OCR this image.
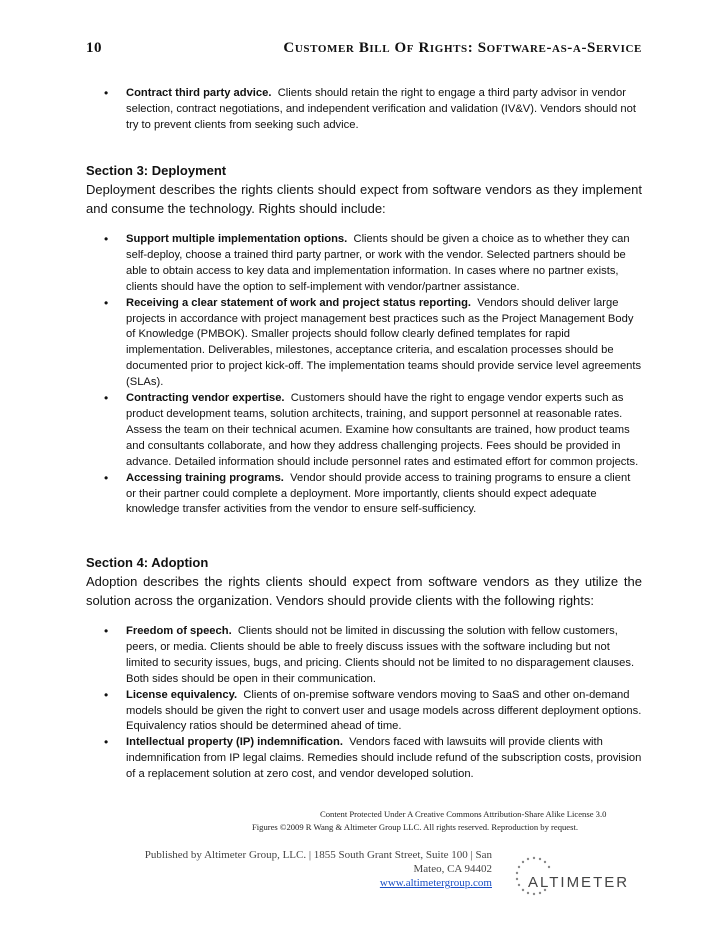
10	Customer Bill Of Rights: Software-as-a-Service
• Contract third party advice. Clients should retain the right to engage a third party advisor in vendor selection, contract negotiations, and independent verification and validation (IV&V). Vendors should not try to prevent clients from seeking such advice.
Section 3: Deployment
Deployment describes the rights clients should expect from software vendors as they implement and consume the technology. Rights should include:
• Support multiple implementation options. Clients should be given a choice as to whether they can self-deploy, choose a trained third party partner, or work with the vendor. Selected partners should be able to obtain access to key data and implementation information. In cases where no partner exists, clients should have the option to self-implement with vendor/partner assistance.
• Receiving a clear statement of work and project status reporting. Vendors should deliver large projects in accordance with project management best practices such as the Project Management Body of Knowledge (PMBOK). Smaller projects should follow clearly defined templates for rapid implementation. Deliverables, milestones, acceptance criteria, and escalation processes should be documented prior to project kick-off. The implementation teams should provide service level agreements (SLAs).
• Contracting vendor expertise. Customers should have the right to engage vendor experts such as product development teams, solution architects, training, and support personnel at reasonable rates. Assess the team on their technical acumen. Examine how consultants are trained, how product teams and consultants collaborate, and how they address challenging projects. Fees should be provided in advance. Detailed information should include personnel rates and estimated effort for common projects.
• Accessing training programs. Vendor should provide access to training programs to ensure a client or their partner could complete a deployment. More importantly, clients should expect adequate knowledge transfer activities from the vendor to ensure self-sufficiency.
Section 4: Adoption
Adoption describes the rights clients should expect from software vendors as they utilize the solution across the organization. Vendors should provide clients with the following rights:
• Freedom of speech. Clients should not be limited in discussing the solution with fellow customers, peers, or media. Clients should be able to freely discuss issues with the software including but not limited to security issues, bugs, and pricing. Clients should not be limited to no disparagement clauses. Both sides should be open in their communication.
• License equivalency. Clients of on-premise software vendors moving to SaaS and other on-demand models should be given the right to convert user and usage models across different deployment options. Equivalency ratios should be determined ahead of time.
• Intellectual property (IP) indemnification. Vendors faced with lawsuits will provide clients with indemnification from IP legal claims. Remedies should include refund of the subscription costs, provision of a replacement solution at zero cost, and vendor developed solution.
Content Protected Under A Creative Commons Attribution-Share Alike License 3.0
Figures ©2009 R Wang & Altimeter Group LLC. All rights reserved. Reproduction by request.
Published by Altimeter Group, LLC. | 1855 South Grant Street, Suite 100 | San
Mateo, CA 94402
www.altimetergroup.com ALTIMETER
